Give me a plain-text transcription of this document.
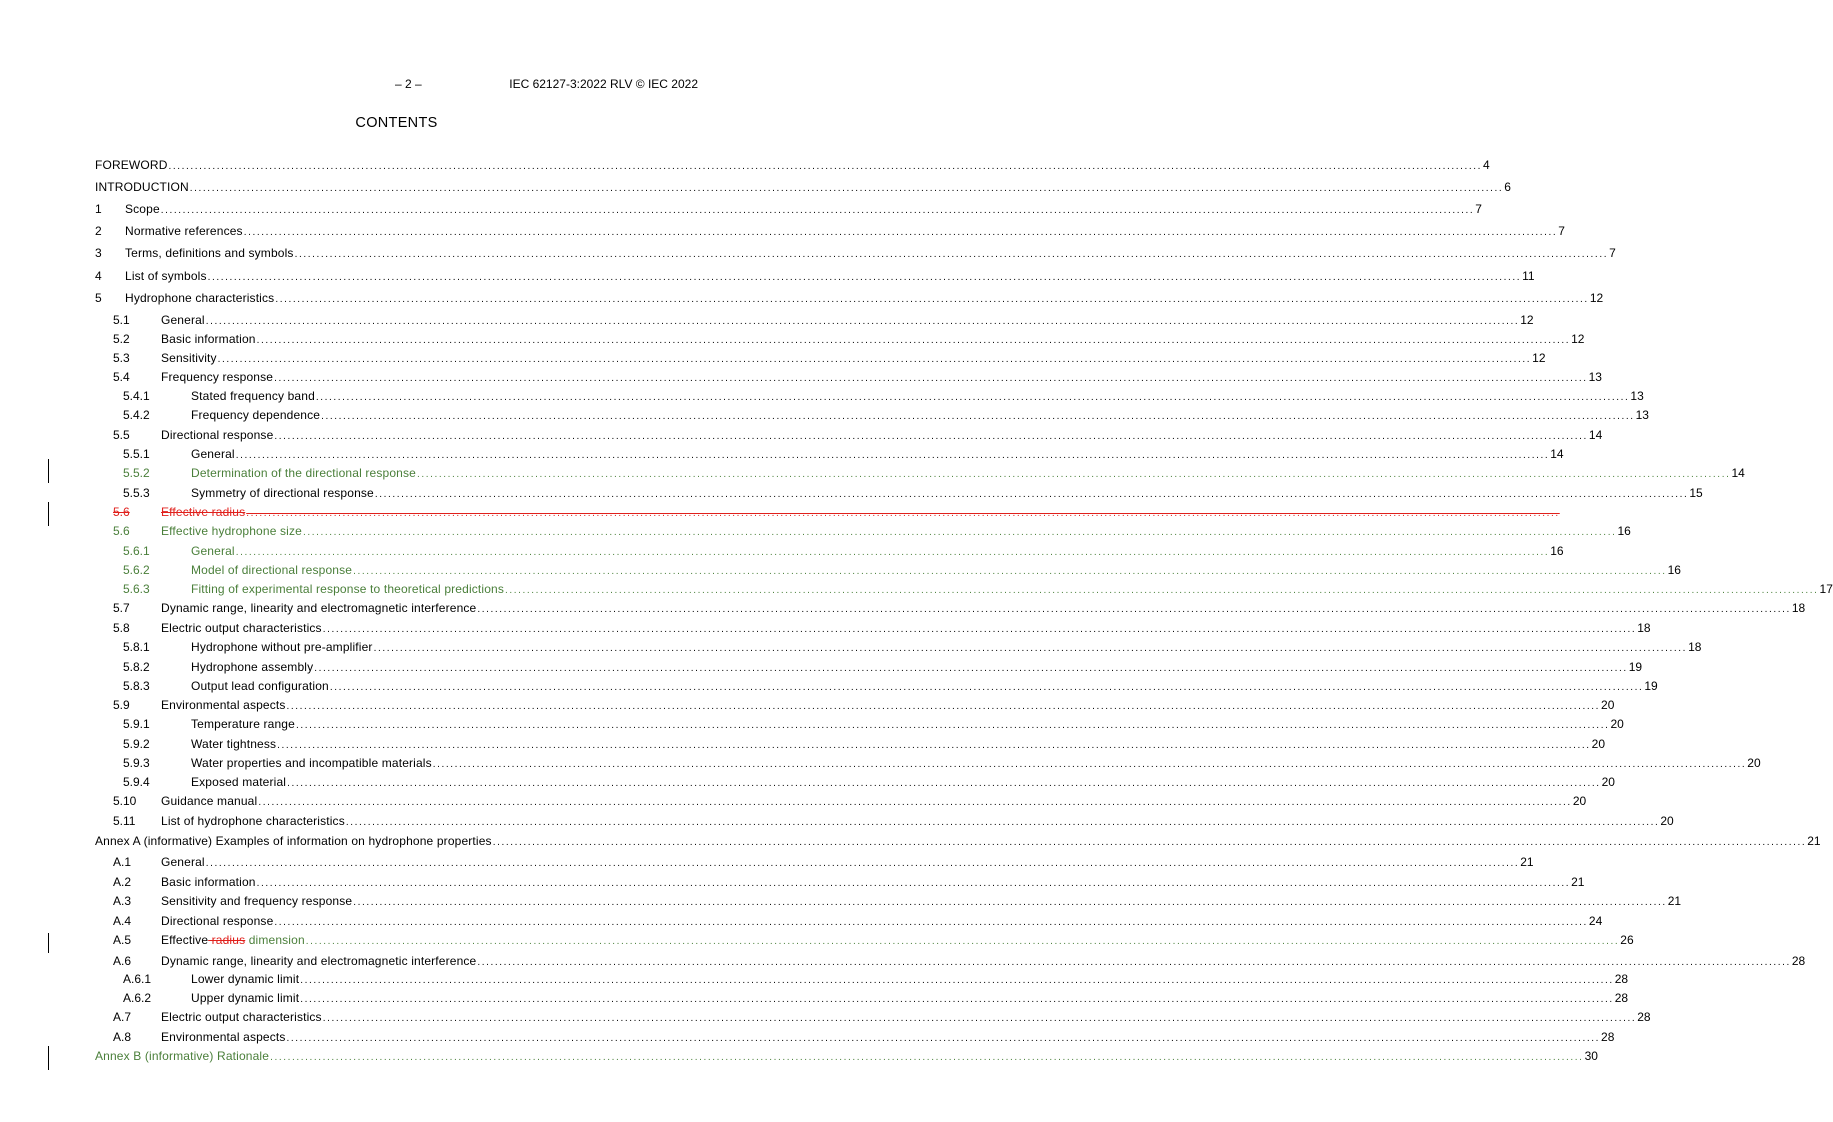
– 2 –	IEC 62127-3:2022 RLV © IEC 2022
CONTENTS
FOREWORD ............................................................................................................................................................................................................................................................................................................ 4
INTRODUCTION ............................................................................................................................................................................................................................................................................................................ 6
1 Scope ............................................................................................................................................................................................................................................................................................................ 7
2 Normative references ............................................................................................................................................................................................................................................................................................................ 7
3 Terms, definitions and symbols ............................................................................................................................................................................................................................................................................................................ 7
4 List of symbols ............................................................................................................................................................................................................................................................................................................ 11
5 Hydrophone characteristics ............................................................................................................................................................................................................................................................................................................ 12
5.1	General ............................................................................................................................................................................................................................................................................................................ 12
5.2	Basic information ............................................................................................................................................................................................................................................................................................................ 12
5.3	Sensitivity ............................................................................................................................................................................................................................................................................................................ 12
5.4	Frequency response ............................................................................................................................................................................................................................................................................................................ 13
5.4.1	Stated frequency band ............................................................................................................................................................................................................................................................................................................ 13
5.4.2	Frequency dependence ............................................................................................................................................................................................................................................................................................................ 13
5.5	Directional response ............................................................................................................................................................................................................................................................................................................ 14
5.5.1	General ............................................................................................................................................................................................................................................................................................................ 14
5.5.2	Determination of the directional response ............................................................................................................................................................................................................................................................................................................ 14
5.5.3	Symmetry of directional response ............................................................................................................................................................................................................................................................................................................ 15
5.6	Effective radius ............................................................................................................................................................................................................................................................................................................
5.6	Effective hydrophone size ............................................................................................................................................................................................................................................................................................................ 16
5.6.1	General ............................................................................................................................................................................................................................................................................................................ 16
5.6.2	Model of directional response ............................................................................................................................................................................................................................................................................................................ 16
5.6.3	Fitting of experimental response to theoretical predictions ............................................................................................................................................................................................................................................................................................................ 17
5.7	Dynamic range, linearity and electromagnetic interference ............................................................................................................................................................................................................................................................................................................ 18
5.8	Electric output characteristics ............................................................................................................................................................................................................................................................................................................ 18
5.8.1	Hydrophone without pre-amplifier ............................................................................................................................................................................................................................................................................................................ 18
5.8.2	Hydrophone assembly ............................................................................................................................................................................................................................................................................................................ 19
5.8.3	Output lead configuration ............................................................................................................................................................................................................................................................................................................ 19
5.9	Environmental aspects ............................................................................................................................................................................................................................................................................................................ 20
5.9.1	Temperature range ............................................................................................................................................................................................................................................................................................................ 20
5.9.2	Water tightness ............................................................................................................................................................................................................................................................................................................ 20
5.9.3	Water properties and incompatible materials ............................................................................................................................................................................................................................................................................................................ 20
5.9.4	Exposed material ............................................................................................................................................................................................................................................................................................................ 20
5.10 Guidance manual ............................................................................................................................................................................................................................................................................................................ 20
5.11 List of hydrophone characteristics ............................................................................................................................................................................................................................................................................................................ 20
Annex A (informative) Examples of information on hydrophone properties ............................................................................................................................................................................................................................................................................................................ 21
A.1 General ............................................................................................................................................................................................................................................................................................................ 21
A.2 Basic information ............................................................................................................................................................................................................................................................................................................ 21
A.3 Sensitivity and frequency response ............................................................................................................................................................................................................................................................................................................ 21
A.4 Directional response ............................................................................................................................................................................................................................................................................................................ 24
A.5 Effective radius dimension ............................................................................................................................................................................................................................................................................................................ 26
A.6 Dynamic range, linearity and electromagnetic interference ............................................................................................................................................................................................................................................................................................................ 28
A.6.1	Lower dynamic limit ............................................................................................................................................................................................................................................................................................................ 28
A.6.2	Upper dynamic limit ............................................................................................................................................................................................................................................................................................................ 28
A.7 Electric output characteristics ............................................................................................................................................................................................................................................................................................................ 28
A.8 Environmental aspects ............................................................................................................................................................................................................................................................................................................ 28
Annex B (informative) Rationale ............................................................................................................................................................................................................................................................................................................ 30
